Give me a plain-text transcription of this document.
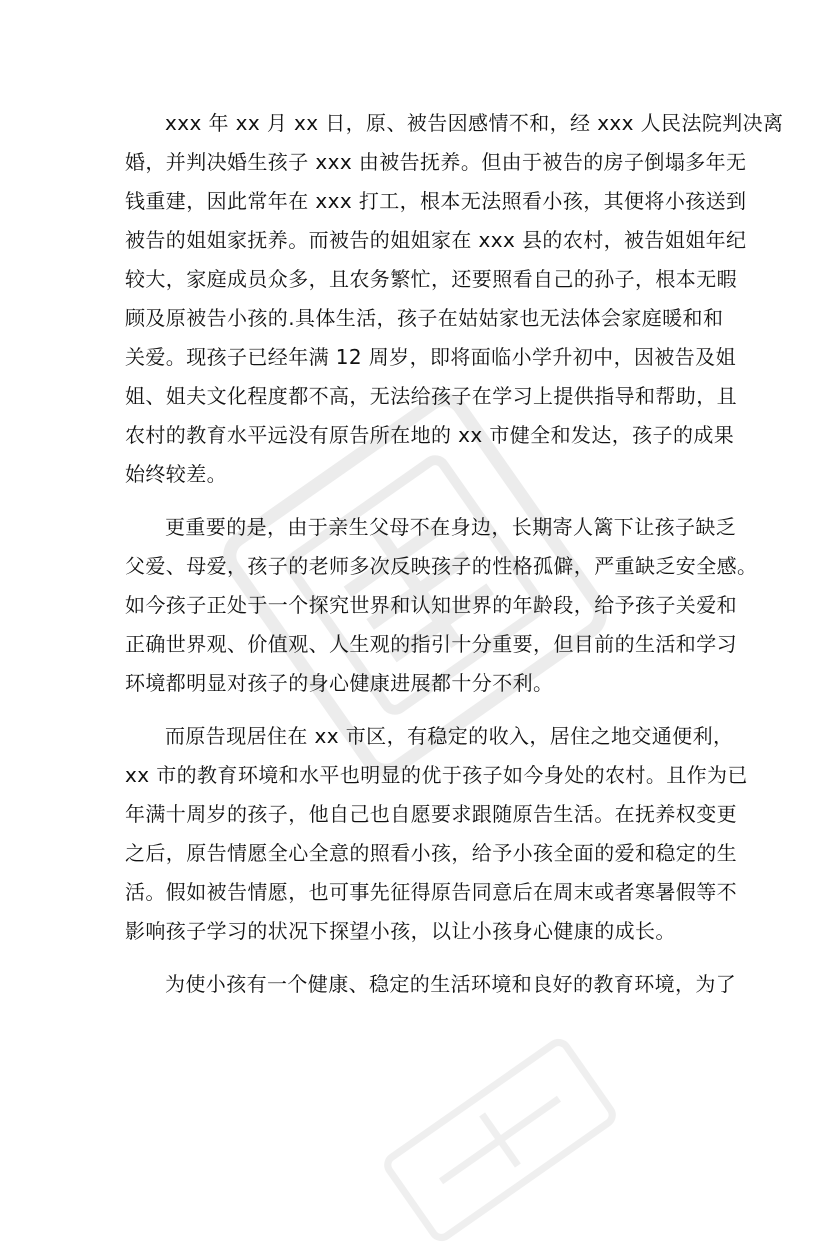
xxx 年 xx 月 xx 日，原、被告因感情不和，经 xxx 人民法院判决离
婚，并判决婚生孩子 xxx 由被告抚养。但由于被告的房子倒塌多年无
钱重建，因此常年在 xxx 打工，根本无法照看小孩，其便将小孩送到
被告的姐姐家抚养。而被告的姐姐家在 xxx 县的农村，被告姐姐年纪
较大，家庭成员众多，且农务繁忙，还要照看自己的孙子，根本无暇
顾及原被告小孩的.具体生活，孩子在姑姑家也无法体会家庭暖和和
关爱。现孩子已经年满 12 周岁，即将面临小学升初中，因被告及姐
姐、姐夫文化程度都不高，无法给孩子在学习上提供指导和帮助，且
农村的教育水平远没有原告所在地的 xx 市健全和发达，孩子的成果
始终较差。
更重要的是，由于亲生父母不在身边，长期寄人篱下让孩子缺乏
父爱、母爱，孩子的老师多次反映孩子的性格孤僻，严重缺乏安全感。
如今孩子正处于一个探究世界和认知世界的年龄段，给予孩子关爱和
正确世界观、价值观、人生观的指引十分重要，但目前的生活和学习
环境都明显对孩子的身心健康进展都十分不利。
而原告现居住在 xx 市区，有稳定的收入，居住之地交通便利，
xx 市的教育环境和水平也明显的优于孩子如今身处的农村。且作为已
年满十周岁的孩子，他自己也自愿要求跟随原告生活。在抚养权变更
之后，原告情愿全心全意的照看小孩，给予小孩全面的爱和稳定的生
活。假如被告情愿，也可事先征得原告同意后在周末或者寒暑假等不
影响孩子学习的状况下探望小孩，以让小孩身心健康的成长。
为使小孩有一个健康、稳定的生活环境和良好的教育环境，为了
